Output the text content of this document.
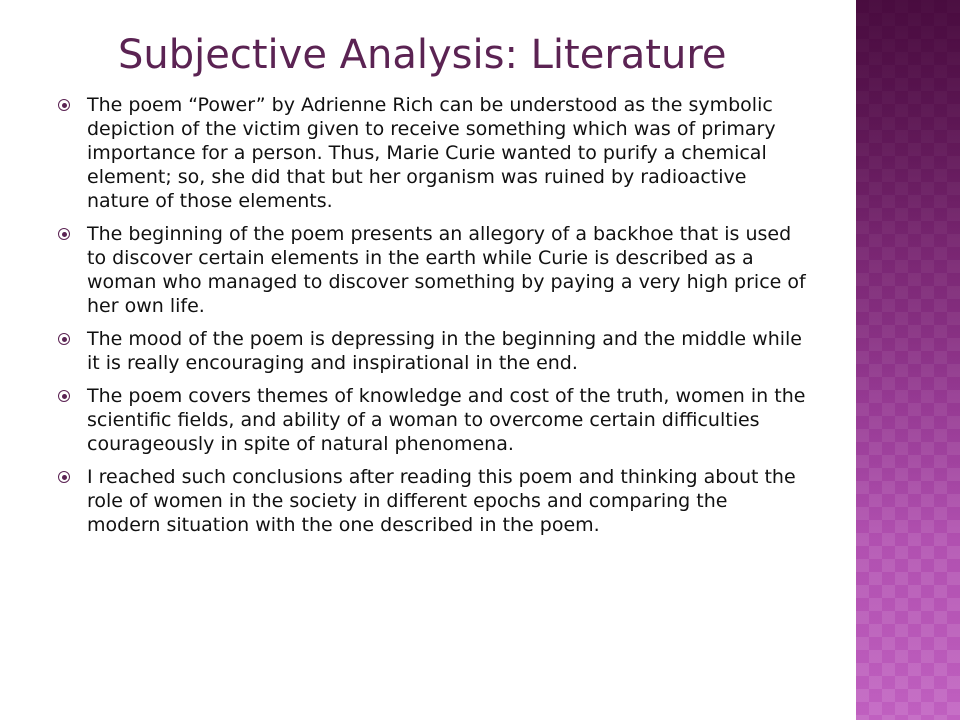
Subjective Analysis: Literature
The poem “Power” by Adrienne Rich can be understood as the symbolic depiction of the victim given to receive something which was of primary importance for a person. Thus, Marie Curie wanted to purify a chemical element; so, she did that but her organism was ruined by radioactive nature of those elements.
The beginning of the poem presents an allegory of a backhoe that is used to discover certain elements in the earth while Curie is described as a woman who managed to discover something by paying a very high price of her own life.
The mood of the poem is depressing in the beginning and the middle while it is really encouraging and inspirational in the end.
The poem covers themes of knowledge and cost of the truth, women in the scientific fields, and ability of a woman to overcome certain difficulties courageously in spite of natural phenomena.
I reached such conclusions after reading this poem and thinking about the role of women in the society in different epochs and comparing the modern situation with the one described in the poem.
